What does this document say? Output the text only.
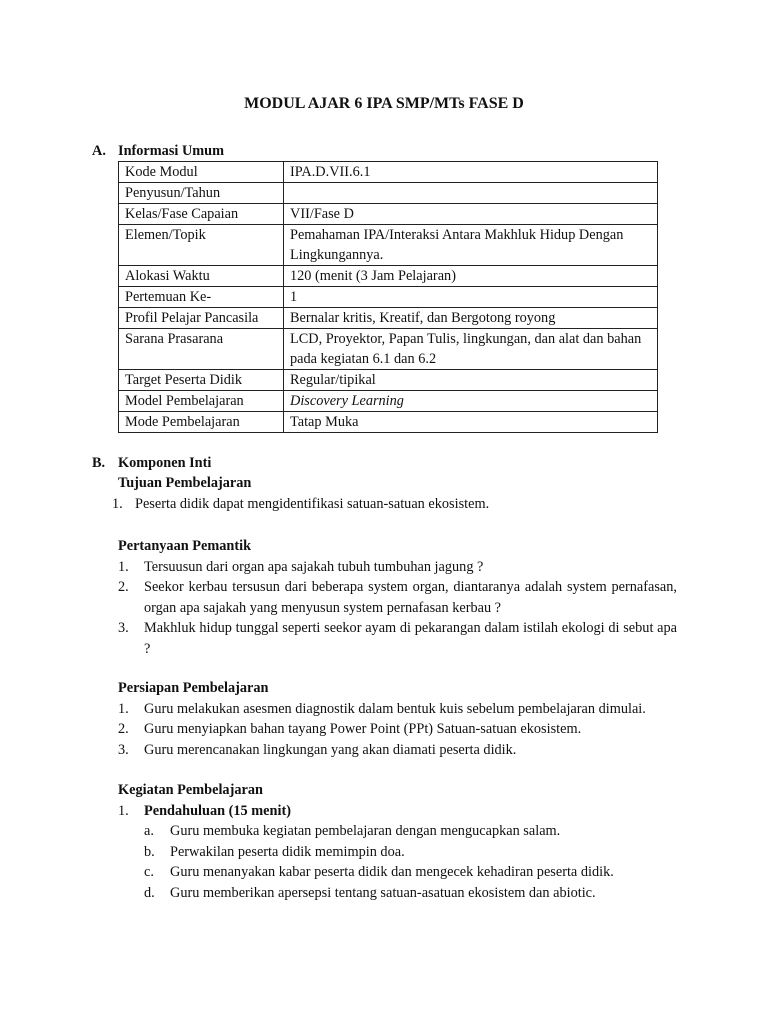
MODUL AJAR 6 IPA SMP/MTs FASE D
A. Informasi Umum
Kode Modul	IPA.D.VII.6.1
Penyusun/Tahun	
Kelas/Fase Capaian	VII/Fase D
Elemen/Topik	Pemahaman IPA/Interaksi Antara Makhluk Hidup Dengan Lingkungannya.
Alokasi Waktu	120 (menit (3 Jam Pelajaran)
Pertemuan Ke-	1
Profil Pelajar Pancasila	Bernalar kritis, Kreatif, dan Bergotong royong
Sarana Prasarana	LCD, Proyektor, Papan Tulis, lingkungan, dan alat dan bahan pada kegiatan 6.1 dan 6.2
Target Peserta Didik	Regular/tipikal
Model Pembelajaran	Discovery Learning
Mode Pembelajaran	Tatap Muka
B. Komponen Inti
Tujuan Pembelajaran
1. Peserta didik dapat mengidentifikasi satuan-satuan ekosistem.
Pertanyaan Pemantik
1. Tersuusun dari organ apa sajakah tubuh tumbuhan jagung ?
2. Seekor kerbau tersusun dari beberapa system organ, diantaranya adalah system pernafasan, organ apa sajakah yang menyusun system pernafasan kerbau ?
3. Makhluk hidup tunggal seperti seekor ayam di pekarangan dalam istilah ekologi di sebut apa ?
Persiapan Pembelajaran
1. Guru melakukan asesmen diagnostik dalam bentuk kuis sebelum pembelajaran dimulai.
2. Guru menyiapkan bahan tayang Power Point (PPt) Satuan-satuan ekosistem.
3. Guru merencanakan lingkungan yang akan diamati peserta didik.
Kegiatan Pembelajaran
1. Pendahuluan (15 menit)
a. Guru membuka kegiatan pembelajaran dengan mengucapkan salam.
b. Perwakilan peserta didik memimpin doa.
c. Guru menanyakan kabar peserta didik dan mengecek kehadiran peserta didik.
d. Guru memberikan apersepsi tentang satuan-asatuan ekosistem dan abiotic.
